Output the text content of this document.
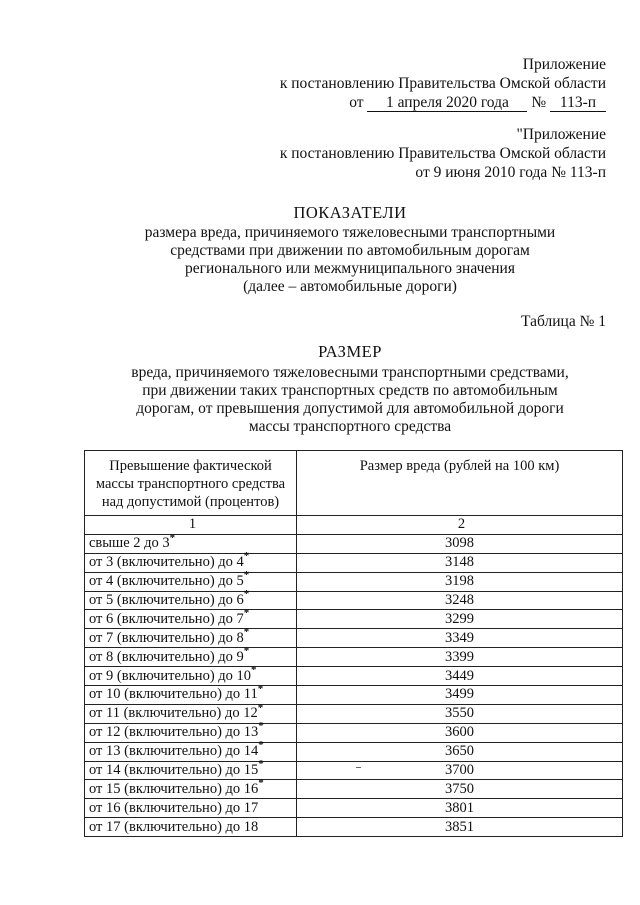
Приложение
к постановлению Правительства Омской области
от 1 апреля 2020 года № 113-п
"Приложение
к постановлению Правительства Омской области
от 9 июня 2010 года № 113-п
ПОКАЗАТЕЛИ
размера вреда, причиняемого тяжеловесными транспортными
средствами при движении по автомобильным дорогам
регионального или межмуниципального значения
(далее – автомобильные дороги)
Таблица № 1
РАЗМЕР
вреда, причиняемого тяжеловесными транспортными средствами,
при движении таких транспортных средств по автомобильным
дорогам, от превышения допустимой для автомобильной дороги
массы транспортного средства
Превышение фактической массы транспортного средства над допустимой (процентов)	Размер вреда (рублей на 100 км)
1	2
свыше 2 до 3*	3098
от 3 (включительно) до 4*	3148
от 4 (включительно) до 5*	3198
от 5 (включительно) до 6*	3248
от 6 (включительно) до 7*	3299
от 7 (включительно) до 8*	3349
от 8 (включительно) до 9*	3399
от 9 (включительно) до 10*	3449
от 10 (включительно) до 11*	3499
от 11 (включительно) до 12*	3550
от 12 (включительно) до 13*	3600
от 13 (включительно) до 14*	3650
от 14 (включительно) до 15*	3700
от 15 (включительно) до 16*	3750
от 16 (включительно) до 17	3801
от 17 (включительно) до 18	3851
